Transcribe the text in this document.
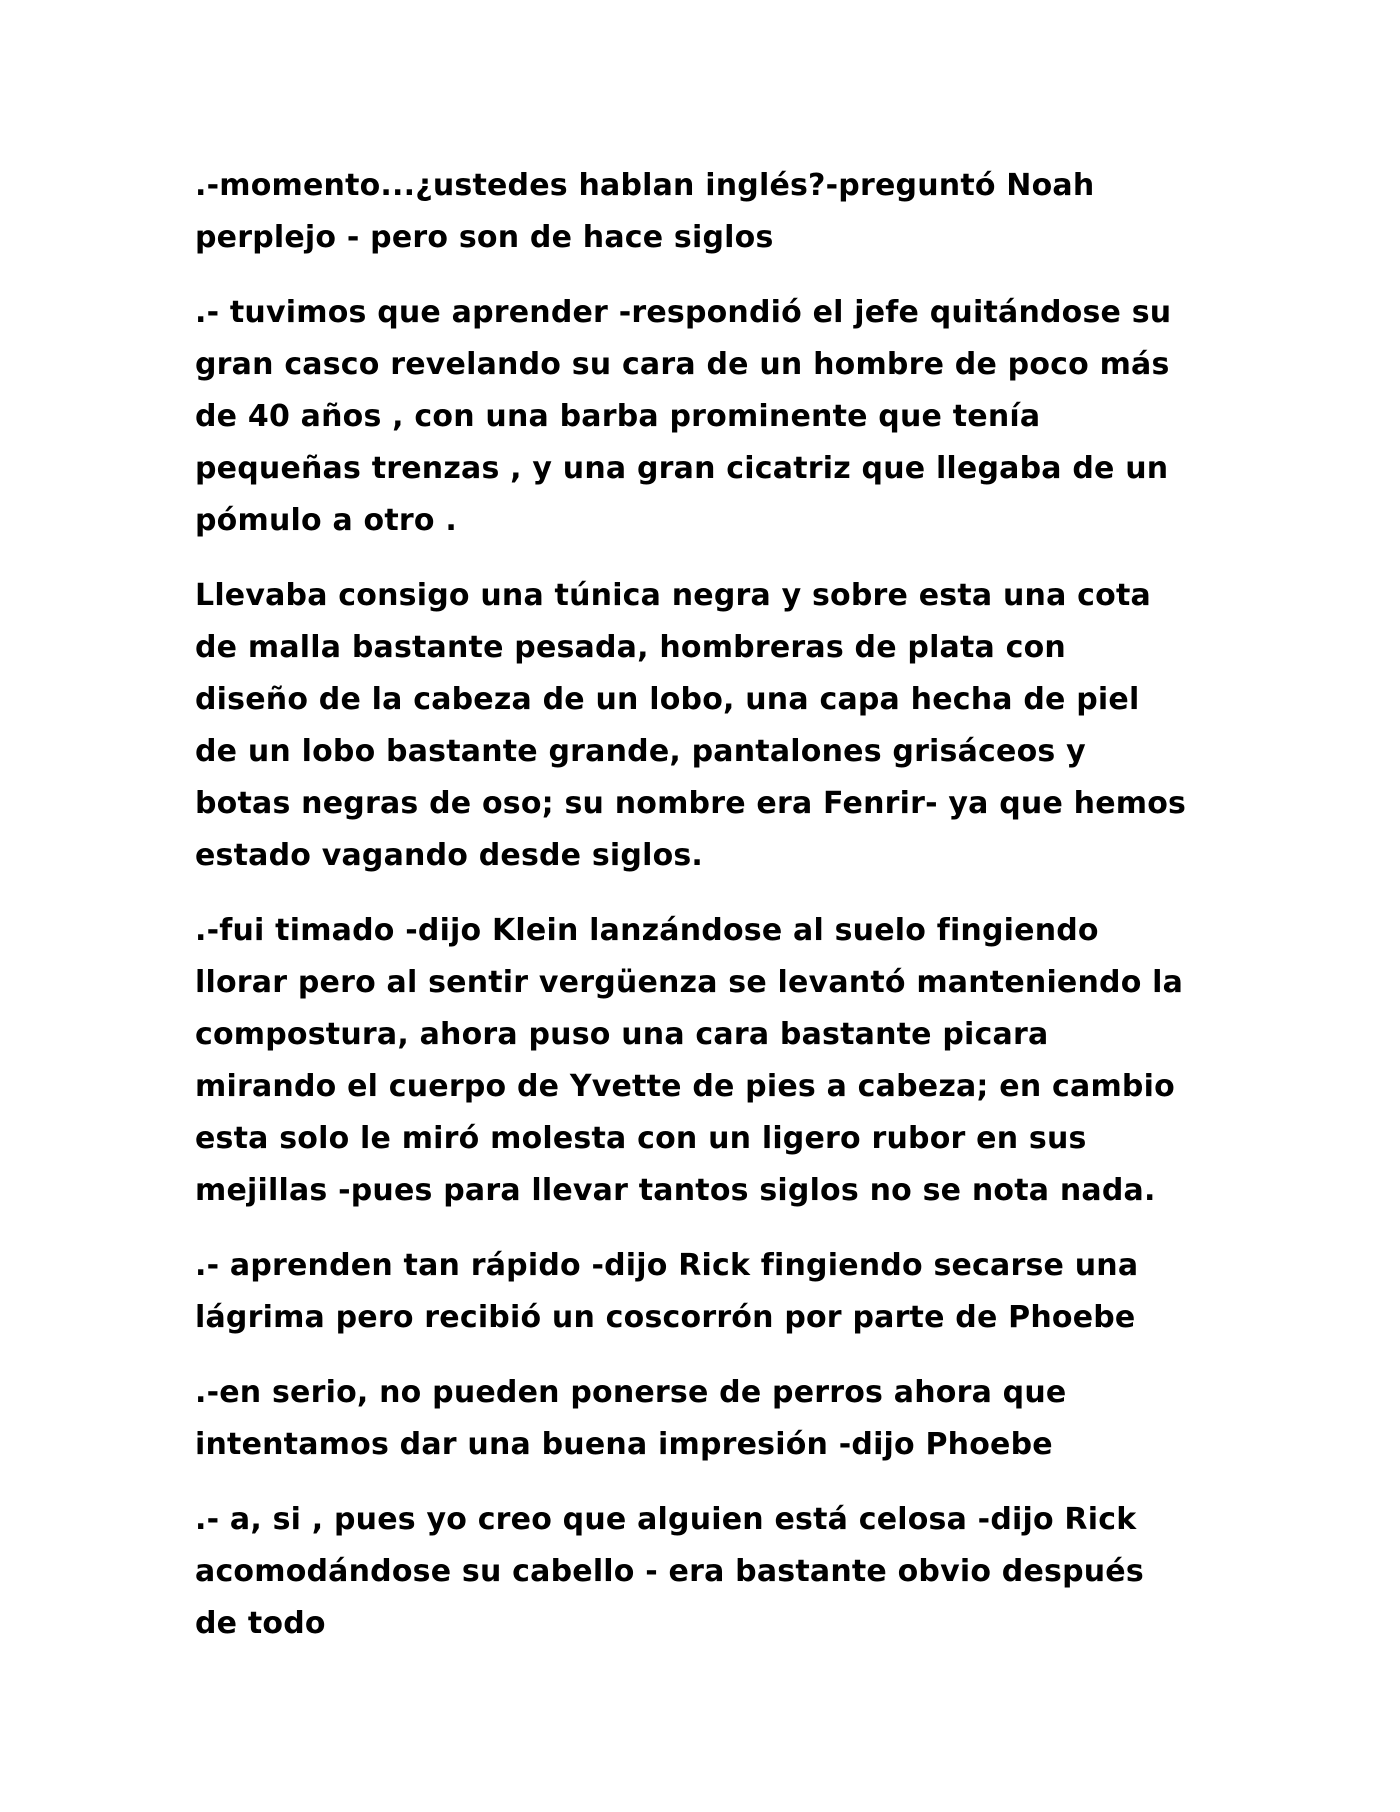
.-momento...¿ustedes hablan inglés?-preguntó Noah
perplejo - pero son de hace siglos

.- tuvimos que aprender -respondió el jefe quitándose su
gran casco revelando su cara de un hombre de poco más
de 40 años , con una barba prominente que tenía
pequeñas trenzas , y una gran cicatriz que llegaba de un
pómulo a otro .

Llevaba consigo una túnica negra y sobre esta una cota
de malla bastante pesada, hombreras de plata con
diseño de la cabeza de un lobo, una capa hecha de piel
de un lobo bastante grande, pantalones grisáceos y
botas negras de oso; su nombre era Fenrir- ya que hemos
estado vagando desde siglos.

.-fui timado -dijo Klein lanzándose al suelo fingiendo
llorar pero al sentir vergüenza se levantó manteniendo la
compostura, ahora puso una cara bastante picara
mirando el cuerpo de Yvette de pies a cabeza; en cambio
esta solo le miró molesta con un ligero rubor en sus
mejillas -pues para llevar tantos siglos no se nota nada.

.- aprenden tan rápido -dijo Rick fingiendo secarse una
lágrima pero recibió un coscorrón por parte de Phoebe

.-en serio, no pueden ponerse de perros ahora que
intentamos dar una buena impresión -dijo Phoebe

.- a, si , pues yo creo que alguien está celosa -dijo Rick
acomodándose su cabello - era bastante obvio después
de todo
